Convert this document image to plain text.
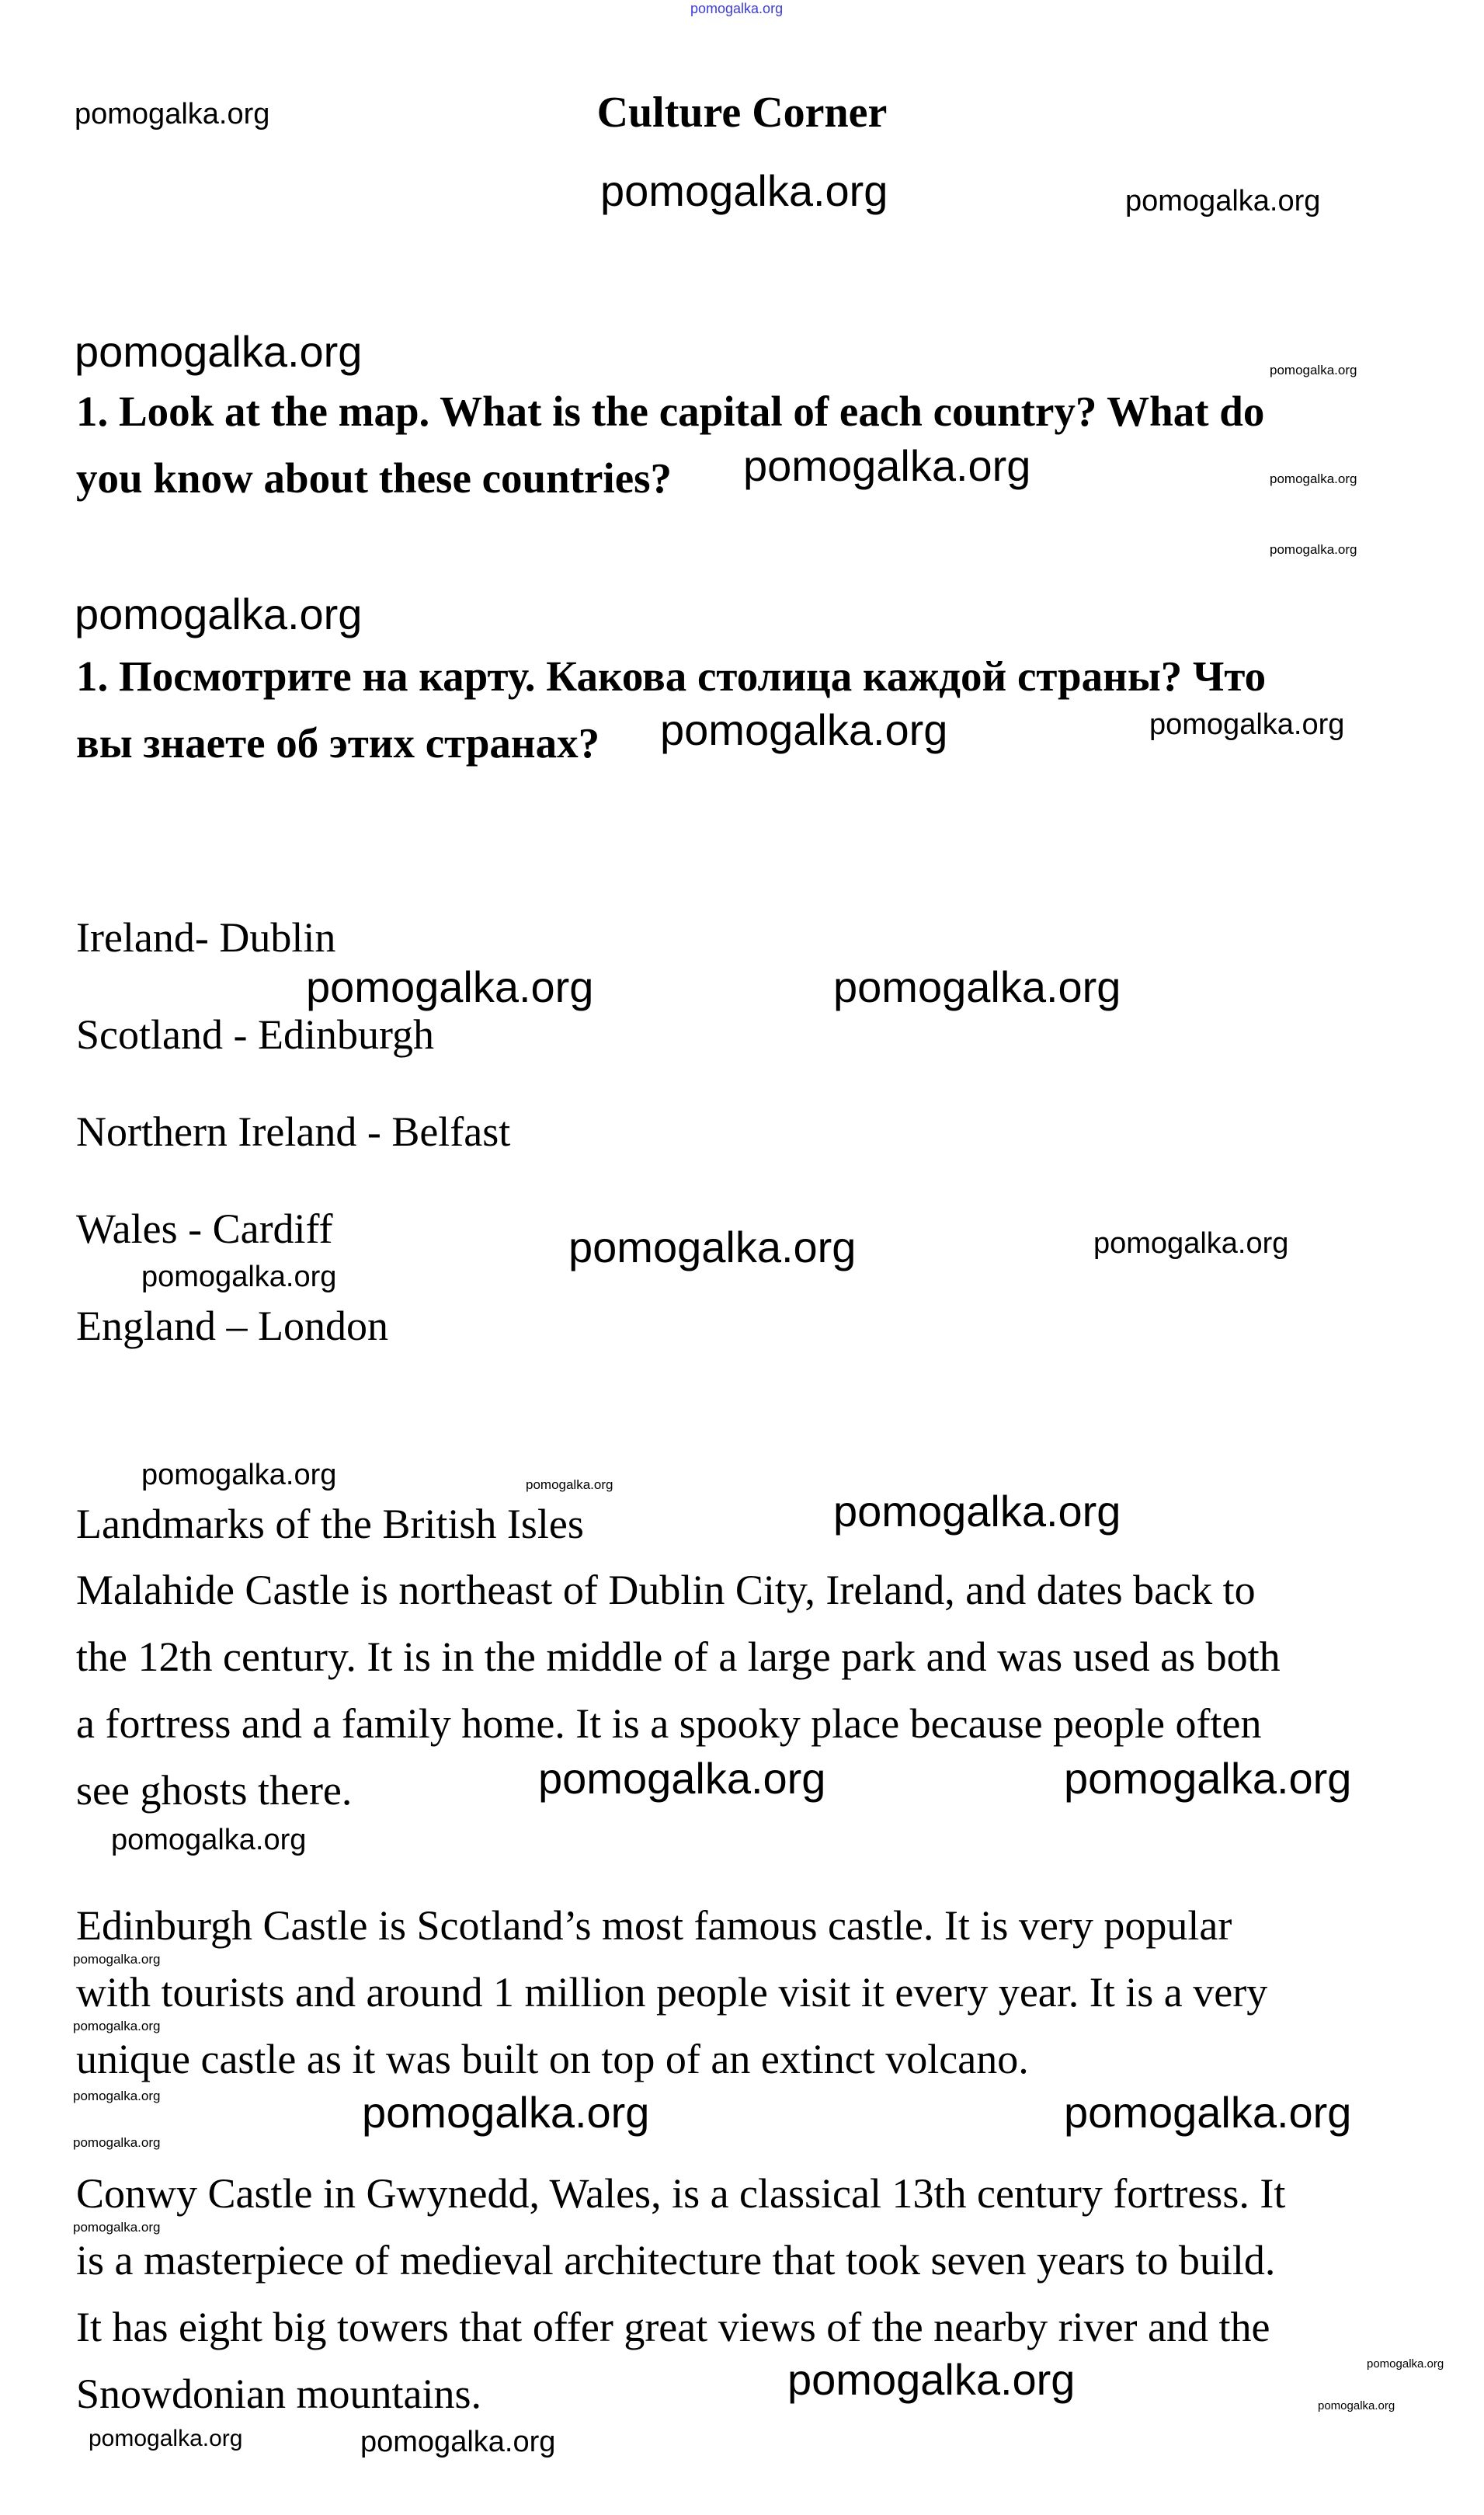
Culture Corner
1. Look at the map. What is the capital of each country? What do
you know about these countries?
1. Посмотрите на карту. Какова столица каждой страны? Что
вы знаете об этих странах?
Ireland- Dublin
Scotland - Edinburgh
Northern Ireland - Belfast
Wales - Cardiff
England – London
Landmarks of the British Isles
Malahide Castle is northeast of Dublin City, Ireland, and dates back to
the 12th century. It is in the middle of a large park and was used as both
a fortress and a family home. It is a spooky place because people often
see ghosts there.
Edinburgh Castle is Scotland’s most famous castle. It is very popular
with tourists and around 1 million people visit it every year. It is a very
unique castle as it was built on top of an extinct volcano.
Conwy Castle in Gwynedd, Wales, is a classical 13th century fortress. It
is a masterpiece of medieval architecture that took seven years to build.
It has eight big towers that offer great views of the nearby river and the
Snowdonian mountains.
pomogalka.org
pomogalka.org
pomogalka.org	pomogalka.org
pomogalka.org	pomogalka.org
pomogalka.org	pomogalka.org
pomogalka.org
pomogalka.org
pomogalka.org	pomogalka.org
pomogalka.org	pomogalka.org
pomogalka.org	pomogalka.org
pomogalka.org
pomogalka.org	pomogalka.org
pomogalka.org
pomogalka.org
pomogalka.org	pomogalka.org
pomogalka.org
pomogalka.org
pomogalka.org	pomogalka.org	pomogalka.org
pomogalka.org
pomogalka.org
pomogalka.org	pomogalka.org
pomogalka.org	pomogalka.org
pomogalka.org
